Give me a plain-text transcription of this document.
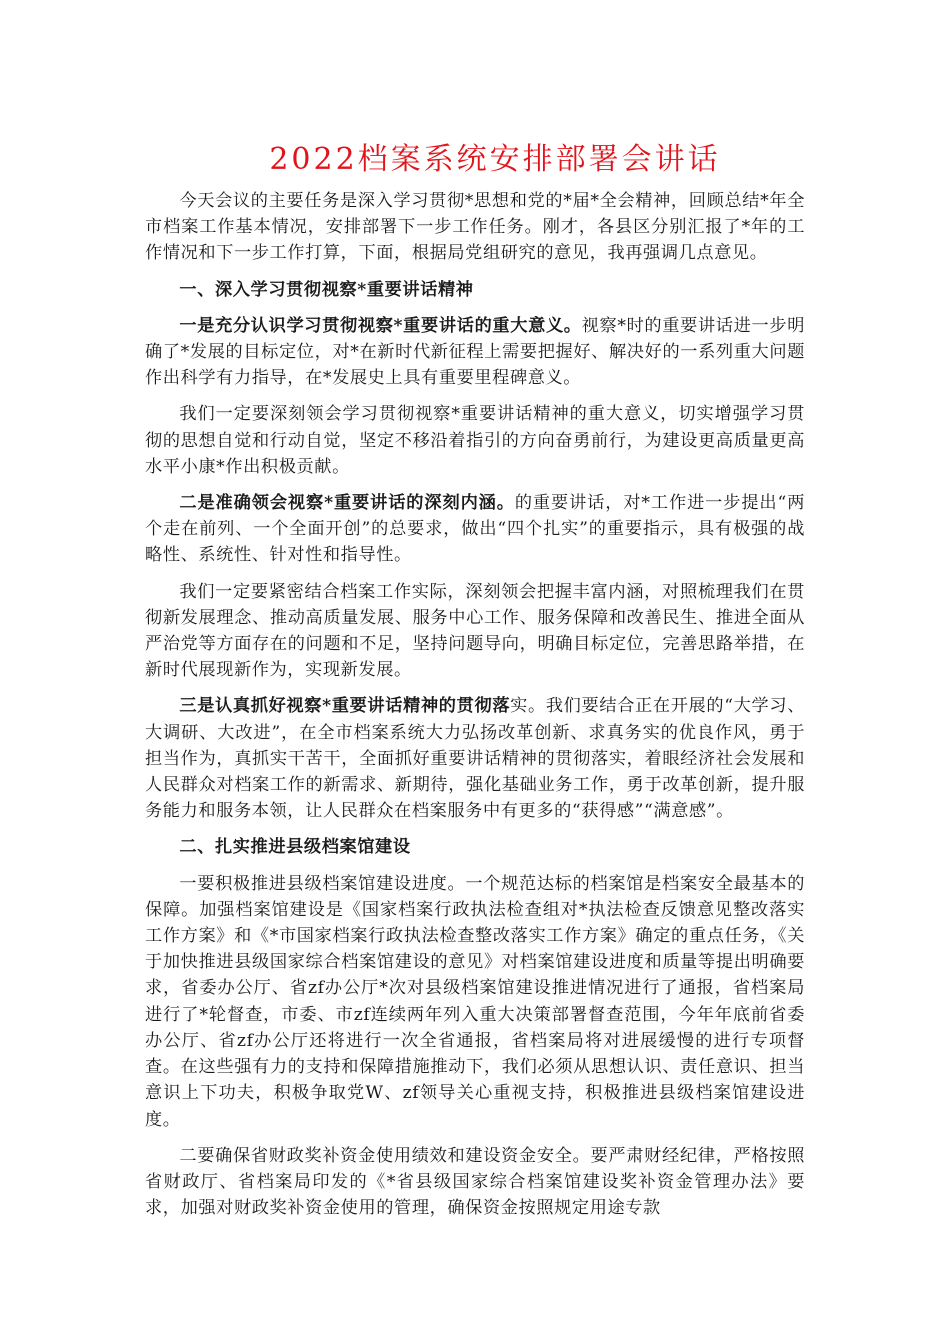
2022档案系统安排部署会讲话

今天会议的主要任务是深入学习贯彻*思想和党的*届*全会精神，回顾总结*年全市档案工作基本情况，安排部署下一步工作任务。刚才，各县区分别汇报了*年的工作情况和下一步工作打算，下面，根据局党组研究的意见，我再强调几点意见。

一、深入学习贯彻视察*重要讲话精神

一是充分认识学习贯彻视察*重要讲话的重大意义。视察*时的重要讲话进一步明确了*发展的目标定位，对*在新时代新征程上需要把握好、解决好的一系列重大问题作出科学有力指导，在*发展史上具有重要里程碑意义。

我们一定要深刻领会学习贯彻视察*重要讲话精神的重大意义，切实增强学习贯彻的思想自觉和行动自觉，坚定不移沿着指引的方向奋勇前行，为建设更高质量更高水平小康*作出积极贡献。

二是准确领会视察*重要讲话的深刻内涵。的重要讲话，对*工作进一步提出“两个走在前列、一个全面开创”的总要求，做出“四个扎实”的重要指示，具有极强的战略性、系统性、针对性和指导性。

我们一定要紧密结合档案工作实际，深刻领会把握丰富内涵，对照梳理我们在贯彻新发展理念、推动高质量发展、服务中心工作、服务保障和改善民生、推进全面从严治党等方面存在的问题和不足，坚持问题导向，明确目标定位，完善思路举措，在新时代展现新作为，实现新发展。

三是认真抓好视察*重要讲话精神的贯彻落实。我们要结合正在开展的“大学习、大调研、大改进”，在全市档案系统大力弘扬改革创新、求真务实的优良作风，勇于担当作为，真抓实干苦干，全面抓好重要讲话精神的贯彻落实，着眼经济社会发展和人民群众对档案工作的新需求、新期待，强化基础业务工作，勇于改革创新，提升服务能力和服务本领，让人民群众在档案服务中有更多的“获得感”“满意感”。

二、扎实推进县级档案馆建设

一要积极推进县级档案馆建设进度。一个规范达标的档案馆是档案安全最基本的保障。加强档案馆建设是《国家档案行政执法检查组对*执法检查反馈意见整改落实工作方案》和《*市国家档案行政执法检查整改落实工作方案》确定的重点任务，《关于加快推进县级国家综合档案馆建设的意见》对档案馆建设进度和质量等提出明确要求，省委办公厅、省zf办公厅*次对县级档案馆建设推进情况进行了通报，省档案局进行了*轮督查，市委、市zf连续两年列入重大决策部署督查范围，今年年底前省委办公厅、省zf办公厅还将进行一次全省通报，省档案局将对进展缓慢的进行专项督查。在这些强有力的支持和保障措施推动下，我们必须从思想认识、责任意识、担当意识上下功夫，积极争取党W、zf领导关心重视支持，积极推进县级档案馆建设进度。

二要确保省财政奖补资金使用绩效和建设资金安全。要严肃财经纪律，严格按照省财政厅、省档案局印发的《*省县级国家综合档案馆建设奖补资金管理办法》要求，加强对财政奖补资金使用的管理，确保资金按照规定用途专款
